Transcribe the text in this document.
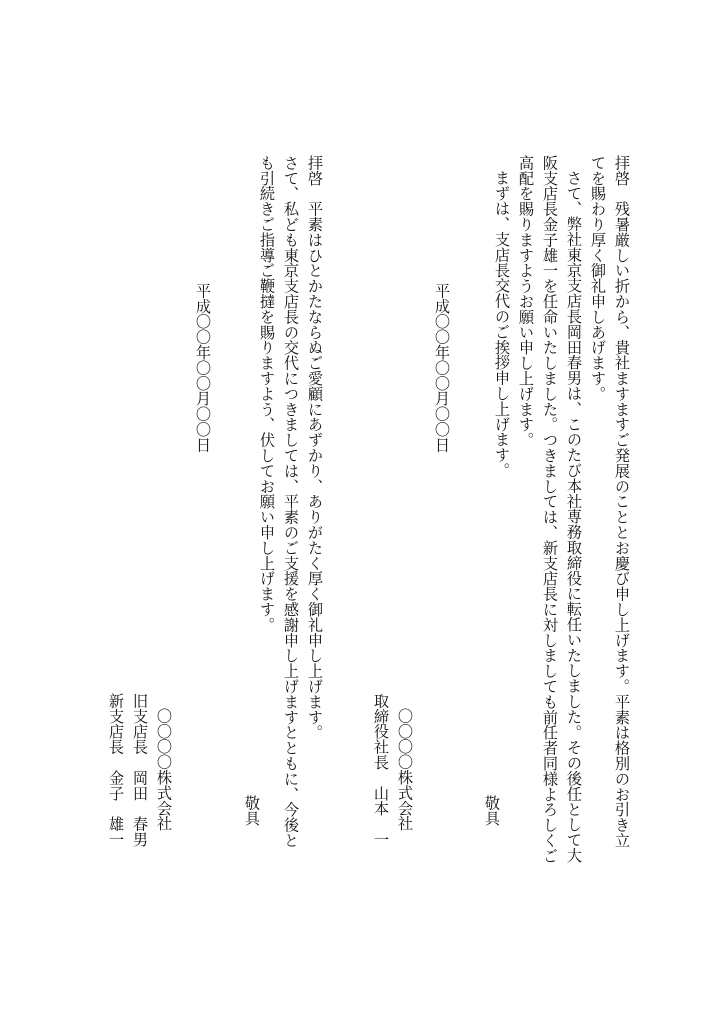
拝啓　残暑厳しい折から、貴社ますますご発展のこととお慶び申し上げます。平素は格別のお引き立
てを賜わり厚く御礼申しあげます。
さて、弊社東京支店長岡田春男は、このたび本社専務取締役に転任いたしました。その後任として大
阪支店長金子雄一を任命いたしました。つきましては、新支店長に対しましても前任者同様よろしくご
高配を賜りますようお願い申し上げます。
まずは、支店長交代のご挨拶申し上げます。
敬具
平成〇〇年〇〇月〇〇日
〇〇〇〇株式会社
取締役社長　山本　一
拝啓　平素はひとかたならぬご愛顧にあずかり、ありがたく厚く御礼申し上げます。
さて、私ども東京支店長の交代につきましては、平素のご支援を感謝申し上げますとともに、今後と
も引続きご指導ご鞭撻を賜りますよう、伏してお願い申し上げます。
敬具
平成〇〇年〇〇月〇〇日
〇〇〇〇株式会社
旧支店長　岡田　春男
新支店長　金子　雄一
